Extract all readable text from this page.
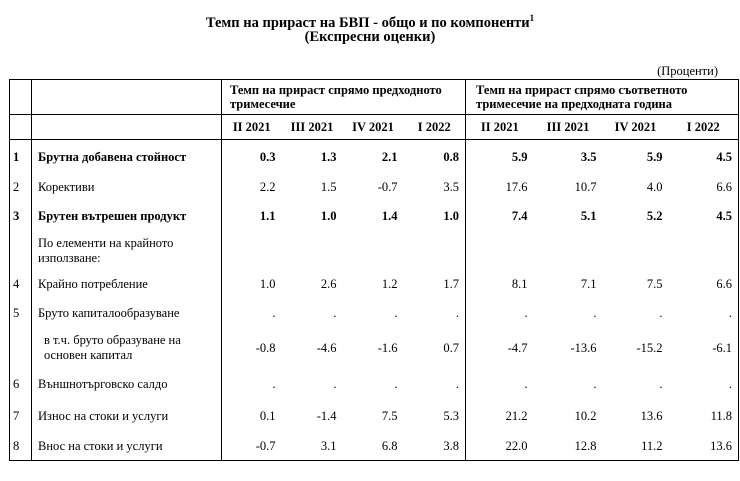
Темп на прираст на БВП - общо и по компоненти$^1$
(Експресни оценки)
(Проценти)
		Темп на прираст спрямо предходното тримесечие				Темп на прираст спрямо съответното тримесечие на предходната година			
		II 2021	III 2021	IV 2021	I 2022	II 2021	III 2021	IV 2021	I 2022
1	Брутна добавена стойност	0.3	1.3	2.1	0.8	5.9	3.5	5.9	4.5
2	Корективи	2.2	1.5	-0.7	3.5	17.6	10.7	4.0	6.6
3	Брутен вътрешен продукт	1.1	1.0	1.4	1.0	7.4	5.1	5.2	4.5
	По елементи на крайното използване:								
4	Крайно потребление	1.0	2.6	1.2	1.7	8.1	7.1	7.5	6.6
5	Бруто капиталообразуване	.	.	.	.	.	.	.	.
	в т.ч. бруто образуване на основен капитал	-0.8	-4.6	-1.6	0.7	-4.7	-13.6	-15.2	-6.1
6	Външнотърговско салдо	.	.	.	.	.	.	.	.
7	Износ на стоки и услуги	0.1	-1.4	7.5	5.3	21.2	10.2	13.6	11.8
8	Внос на стоки и услуги	-0.7	3.1	6.8	3.8	22.0	12.8	11.2	13.6
